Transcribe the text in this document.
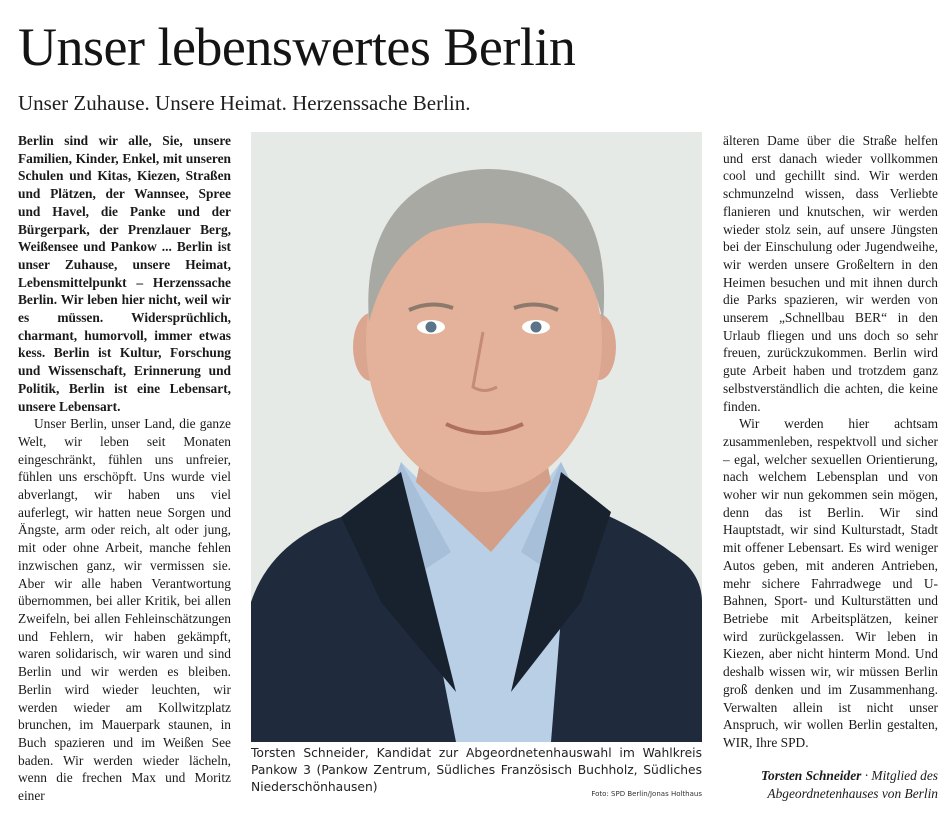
Unser lebenswertes Berlin
Unser Zuhause. Unsere Heimat. Herzenssache Berlin.

Berlin sind wir alle, Sie, unsere Familien, Kinder, Enkel, mit unseren Schulen und Kitas, Kiezen, Straßen und Plätzen, der Wannsee, Spree und Havel, die Panke und der Bürgerpark, der Prenzlauer Berg, Weißensee und Pankow ... Berlin ist unser Zuhause, unsere Heimat, Lebensmittelpunkt – Herzenssache Berlin. Wir leben hier nicht, weil wir es müssen. Widersprüchlich, charmant, humorvoll, immer etwas kess. Berlin ist Kultur, Forschung und Wissenschaft, Erinnerung und Politik, Berlin ist eine Lebensart, unsere Lebensart.

Unser Berlin, unser Land, die ganze Welt, wir leben seit Monaten eingeschränkt, fühlen uns unfreier, fühlen uns erschöpft. Uns wurde viel abverlangt, wir haben uns viel auferlegt, wir hatten neue Sorgen und Ängste, arm oder reich, alt oder jung, mit oder ohne Arbeit, manche fehlen inzwischen ganz, wir vermissen sie. Aber wir alle haben Verantwortung übernommen, bei aller Kritik, bei allen Zweifeln, bei allen Fehleinschätzungen und Fehlern, wir haben gekämpft, waren solidarisch, wir waren und sind Berlin und wir werden es bleiben. Berlin wird wieder leuchten, wir werden wieder am Kollwitzplatz brunchen, im Mauerpark staunen, in Buch spazieren und im Weißen See baden. Wir werden wieder lächeln, wenn die frechen Max und Moritz einer

Torsten Schneider, Kandidat zur Abgeordnetenhauswahl im Wahlkreis Pankow 3 (Pankow Zentrum, Südliches Französisch Buchholz, Südliches Niederschönhausen)	Foto: SPD Berlin/Jonas Holthaus

älteren Dame über die Straße helfen und erst danach wieder vollkommen cool und gechillt sind. Wir werden schmunzelnd wissen, dass Verliebte flanieren und knutschen, wir werden wieder stolz sein, auf unsere Jüngsten bei der Einschulung oder Jugendweihe, wir werden unsere Großeltern in den Heimen besuchen und mit ihnen durch die Parks spazieren, wir werden von unserem „Schnellbau BER“ in den Urlaub fliegen und uns doch so sehr freuen, zurückzukommen. Berlin wird gute Arbeit haben und trotzdem ganz selbstverständlich die achten, die keine finden.

Wir werden hier achtsam zusammenleben, respektvoll und sicher – egal, welcher sexuellen Orientierung, nach welchem Lebensplan und von woher wir nun gekommen sein mögen, denn das ist Berlin. Wir sind Hauptstadt, wir sind Kulturstadt, Stadt mit offener Lebensart. Es wird weniger Autos geben, mit anderen Antrieben, mehr sichere Fahrradwege und U-Bahnen, Sport- und Kulturstätten und Betriebe mit Arbeitsplätzen, keiner wird zurückgelassen. Wir leben in Kiezen, aber nicht hinterm Mond. Und deshalb wissen wir, wir müssen Berlin groß denken und im Zusammenhang. Verwalten allein ist nicht unser Anspruch, wir wollen Berlin gestalten, WIR, Ihre SPD.

Torsten Schneider · Mitglied des Abgeordnetenhauses von Berlin
